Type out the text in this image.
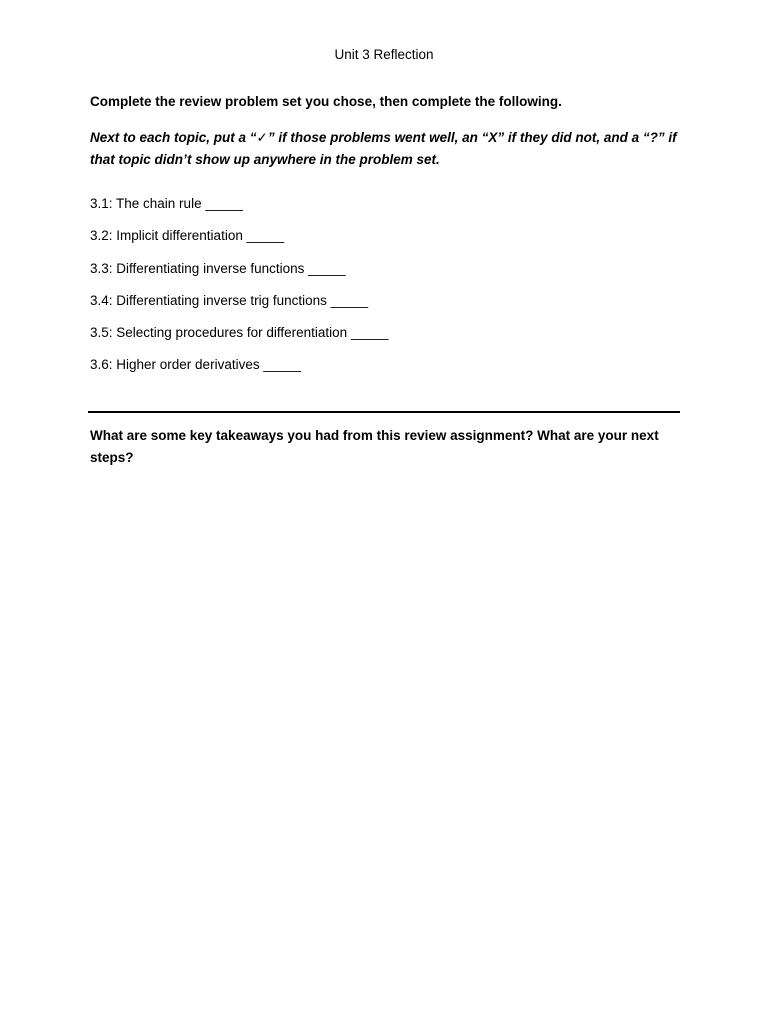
Unit 3 Reflection
Complete the review problem set you chose, then complete the following.
Next to each topic, put a “✓” if those problems went well, an “X” if they did not, and a “?” if that topic didn’t show up anywhere in the problem set.
3.1: The chain rule _____
3.2: Implicit differentiation _____
3.3: Differentiating inverse functions _____
3.4: Differentiating inverse trig functions _____
3.5: Selecting procedures for differentiation _____
3.6: Higher order derivatives _____
What are some key takeaways you had from this review assignment? What are your next steps?
